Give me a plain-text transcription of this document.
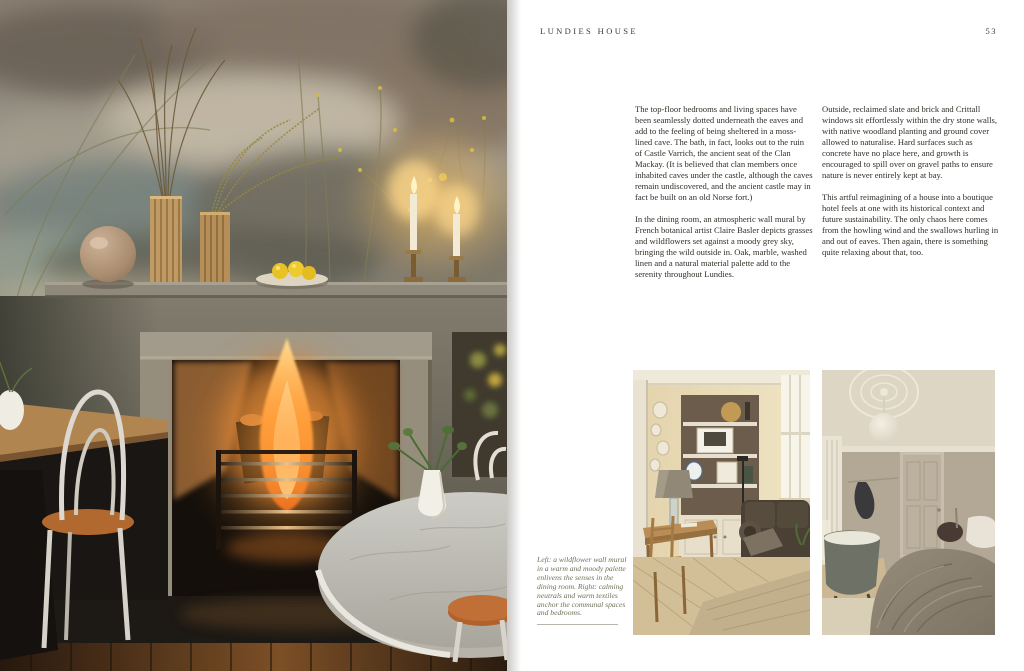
LUNDIES HOUSE	53

The top-floor bedrooms and living spaces have been seamlessly dotted underneath the eaves and add to the feeling of being sheltered in a moss-lined cave. The bath, in fact, looks out to the ruin of Castle Varrich, the ancient seat of the Clan Mackay. (It is believed that clan members once inhabited caves under the castle, although the caves remain undiscovered, and the ancient castle may in fact be built on an old Norse fort.)

In the dining room, an atmospheric wall mural by French botanical artist Claire Basler depicts grasses and wildflowers set against a moody grey sky, bringing the wild outside in. Oak, marble, washed linen and a natural material palette add to the serenity throughout Lundies.

Outside, reclaimed slate and brick and Crittall windows sit effortlessly within the dry stone walls, with native woodland planting and ground cover allowed to naturalise. Hard surfaces such as concrete have no place here, and growth is encouraged to spill over on gravel paths to ensure nature is never entirely kept at bay.

This artful reimagining of a house into a boutique hotel feels at one with its historical context and future sustainability. The only chaos here comes from the howling wind and the swallows hurling in and out of eaves. Then again, there is something quite relaxing about that, too.

Left: a wildflower wall mural in a warm and moody palette enlivens the senses in the dining room. Right: calming neutrals and warm textiles anchor the communal spaces and bedrooms.
